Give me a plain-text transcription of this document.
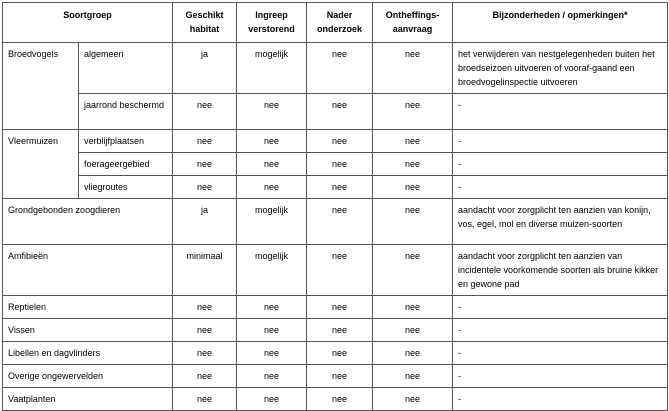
Soortgroep		Geschikt habitat	Ingreep verstorend	Nader onderzoek	Ontheffings-aanvraag	Bijzonderheden / opmerkingen*
Broedvogels	algemeen	ja	mogelijk	nee	nee	het verwijderen van nestgelegenheden buiten het broedseizoen uitvoeren of vooraf-gaand een broedvogelinspectie uitvoeren
	jaarrond beschermd	nee	nee	nee	nee	-
Vleermuizen	verblijfplaatsen	nee	nee	nee	nee	-
	foerageergebied	nee	nee	nee	nee	-
	vliegroutes	nee	nee	nee	nee	-
Grondgebonden zoogdieren		ja	mogelijk	nee	nee	aandacht voor zorgplicht ten aanzien van konijn, vos, egel, mol en diverse muizen-soorten
Amfibieën		minimaal	mogelijk	nee	nee	aandacht voor zorgplicht ten aanzien van incidentele voorkomende soorten als bruine kikker en gewone pad
Reptielen		nee	nee	nee	nee	-
Vissen		nee	nee	nee	nee	-
Libellen en dagvlinders		nee	nee	nee	nee	-
Overige ongewervelden		nee	nee	nee	nee	-
Vaatplanten		nee	nee	nee	nee	-
